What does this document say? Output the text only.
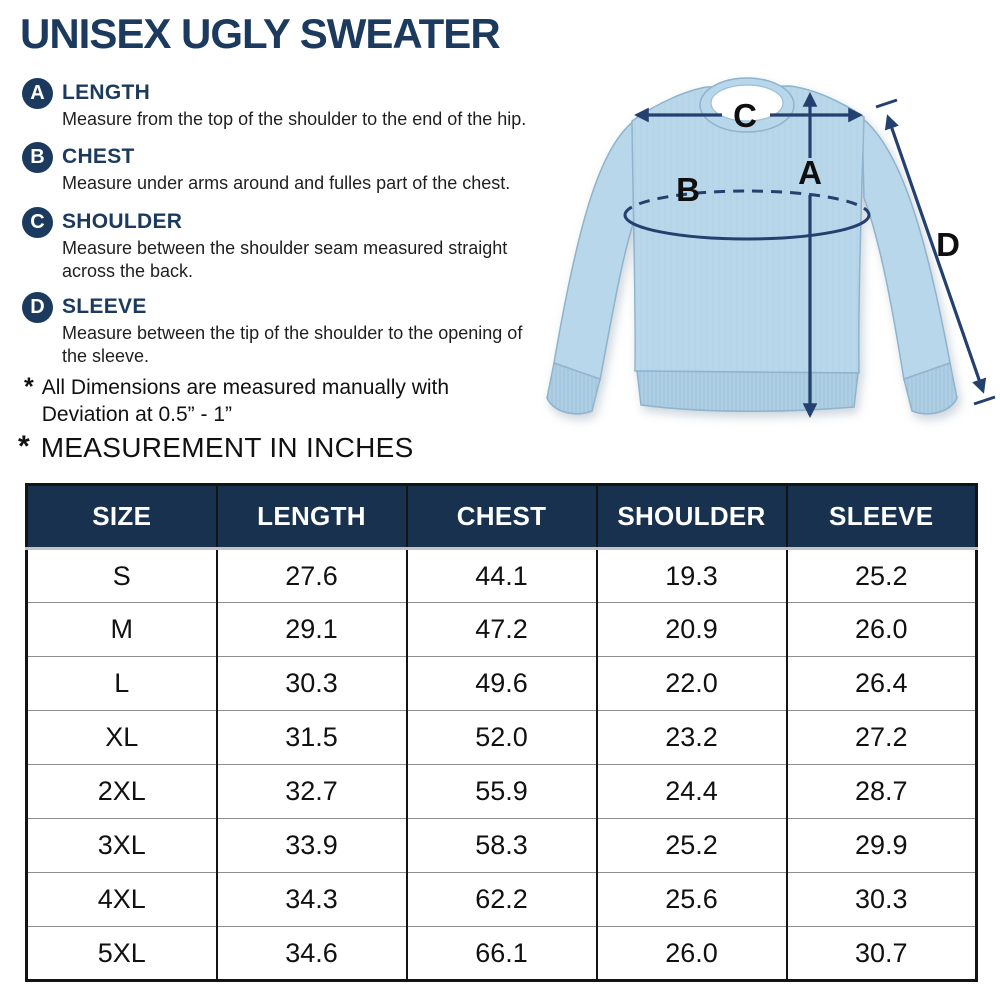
UNISEX UGLY SWEATER
A LENGTH
Measure from the top of the shoulder to the end of the hip.
B CHEST
Measure under arms around and fulles part of the chest.
C SHOULDER
Measure between the shoulder seam measured straight across the back.
D SLEEVE
Measure between the tip of the shoulder to the opening of the sleeve.
* All Dimensions are measured manually with Deviation at 0.5” - 1”
* MEASUREMENT IN INCHES
C
A
B
D
SIZE	LENGTH	CHEST	SHOULDER	SLEEVE
S	27.6	44.1	19.3	25.2
M	29.1	47.2	20.9	26.0
L	30.3	49.6	22.0	26.4
XL	31.5	52.0	23.2	27.2
2XL	32.7	55.9	24.4	28.7
3XL	33.9	58.3	25.2	29.9
4XL	34.3	62.2	25.6	30.3
5XL	34.6	66.1	26.0	30.7
